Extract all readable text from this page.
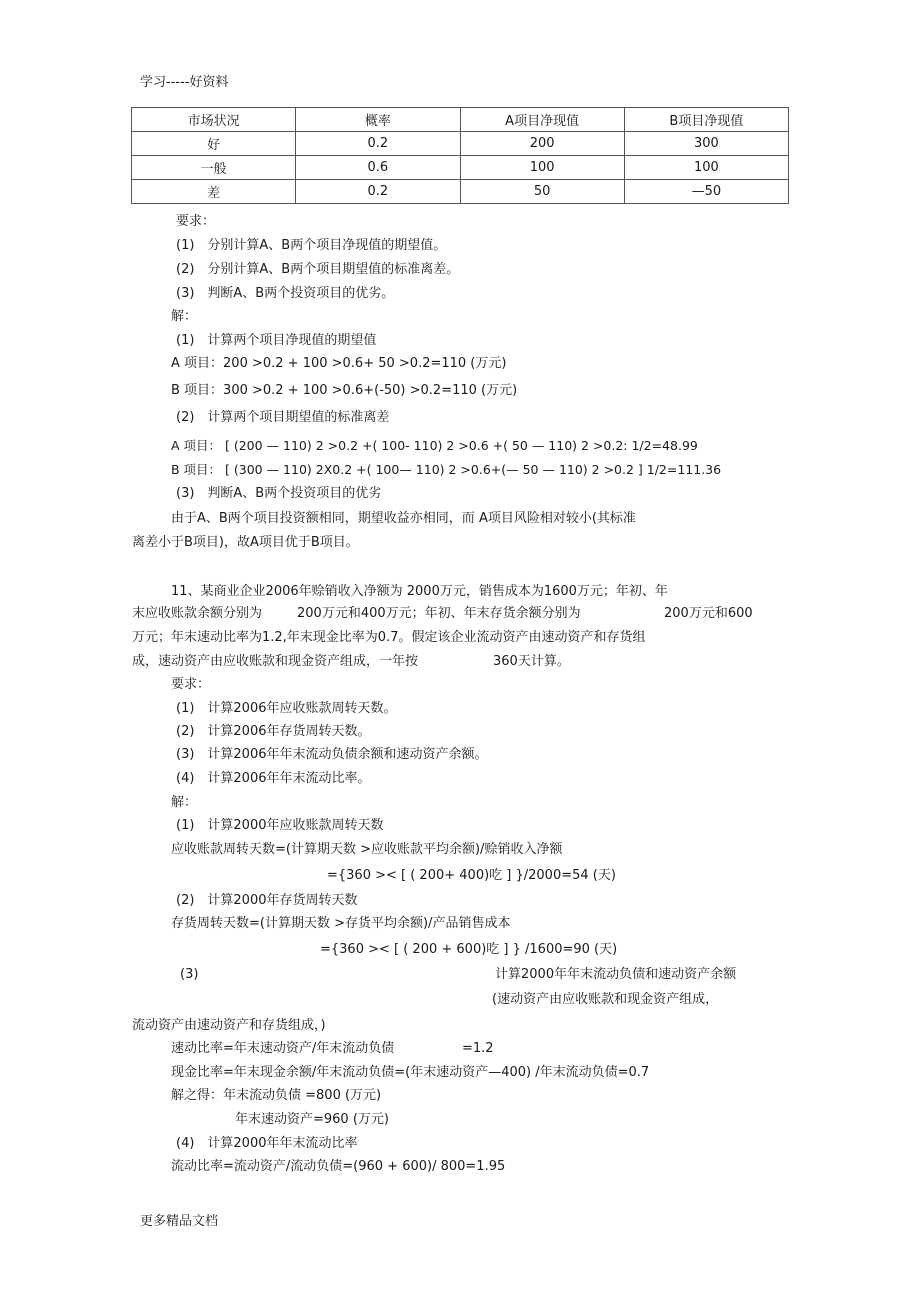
学习-----好资料
市场状况	概率	A项目净现值	B项目净现值
好	0.2	200	300
一般	0.6	100	100
差	0.2	50	—50
要求：
(1)　分别计算A、B两个项目净现值的期望值。
(2)　分别计算A、B两个项目期望值的标准离差。
(3)　判断A、B两个投资项目的优劣。
解：
(1)　计算两个项目净现值的期望值
A 项目：200 >0.2 + 100 >0.6+ 50 >0.2=110 (万元)
B 项目：300 >0.2 + 100 >0.6+(-50) >0.2=110 (万元)
(2)　计算两个项目期望值的标准离差
A 项目： [ (200 — 110) 2 >0.2 +( 100- 110) 2 >0.6 +( 50 — 110) 2 >0.2: 1/2=48.99
B 项目： [ (300 — 110) 2X0.2 +( 100— 110) 2 >0.6+(— 50 — 110) 2 >0.2 ] 1/2=111.36
(3)　判断A、B两个投资项目的优劣
由于A、B两个项目投资额相同，期望收益亦相同，而 A项目风险相对较小(其标准
离差小于B项目)，故A项目优于B项目。
11、某商业企业2006年赊销收入净额为 2000万元，销售成本为1600万元；年初、年
末应收账款余额分别为	200万元和400万元；年初、年末存货余额分别为	200万元和600
万元；年末速动比率为1.2,年末现金比率为0.7。假定该企业流动资产由速动资产和存货组
成，速动资产由应收账款和现金资产组成，一年按	360天计算。
要求：
(1)　计算2006年应收账款周转天数。
(2)　计算2006年存货周转天数。
(3)　计算2006年年末流动负债余额和速动资产余额。
(4)　计算2006年年末流动比率。
解：
(1)　计算2000年应收账款周转天数
应收账款周转天数=(计算期天数 >应收账款平均余额)/赊销收入净额
={360 >< [ ( 200+ 400)吃 ] }/2000=54 (天)
(2)　计算2000年存货周转天数
存货周转天数=(计算期天数 >存货平均余额)/产品销售成本
={360 >< [ ( 200 + 600)吃 ] } /1600=90 (天)
(3)	计算2000年年末流动负债和速动资产余额
(速动资产由应收账款和现金资产组成，
流动资产由速动资产和存货组成，)
速动比率=年末速动资产/年末流动负债	=1.2
现金比率=年末现金余额/年末流动负债=(年末速动资产—400) /年末流动负债=0.7
解之得：年末流动负债 =800 (万元)
年末速动资产=960 (万元)
(4)　计算2000年年末流动比率
流动比率=流动资产/流动负债=(960 + 600)/ 800=1.95
更多精品文档
